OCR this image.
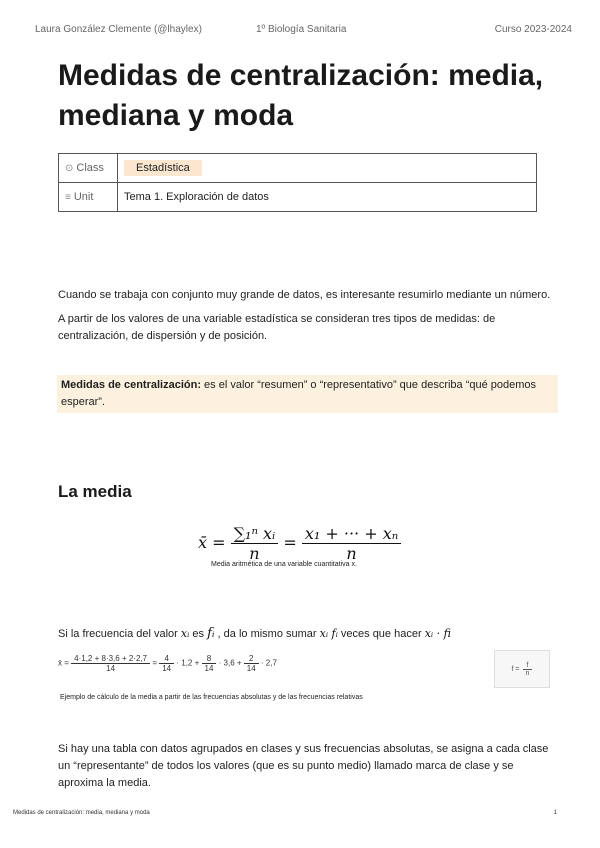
Laura González Clemente (@lhaylex)	1º Biología Sanitaria	Curso 2023-2024
Medidas de centralización: media, mediana y moda
⊙ Class	Estadística
≡ Unit	Tema 1. Exploración de datos

Cuando se trabaja con conjunto muy grande de datos, es interesante resumirlo mediante un número.

A partir de los valores de una variable estadística se consideran tres tipos de medidas: de centralización, de dispersión y de posición.

Medidas de centralización: es el valor “resumen” o “representativo” que describa “qué podemos esperar”.
La media
x̄ = $\frac{\text{∑₁ⁿ xᵢ}}{n} = \frac{\text{x₁ + ··· + xₙ}}{n}$
Media aritmética de una variable cuantitativa x.

Si la frecuencia del valor xᵢ es fᵢ , da lo mismo sumar xᵢ fᵢ veces que hacer xᵢ · fi

x̄ = $\frac{4\cdot 1,2 + 8\cdot 3,6 + 2\cdot 2,7}{14} = \frac{4}{14} \cdot 1,2 + \frac{8}{14} \cdot 3,6 + \frac{2}{14} \cdot 2,7$
$f = \frac{f}{n}$
Ejemplo de cálculo de la media a partir de las frecuencias absolutas y de las frecuencias relativas

Si hay una tabla con datos agrupados en clases y sus frecuencias absolutas, se asigna a cada clase un “representante” de todos los valores (que es su punto medio) llamado marca de clase y se aproxima la media.

Medidas de centralización: media, mediana y moda	1
